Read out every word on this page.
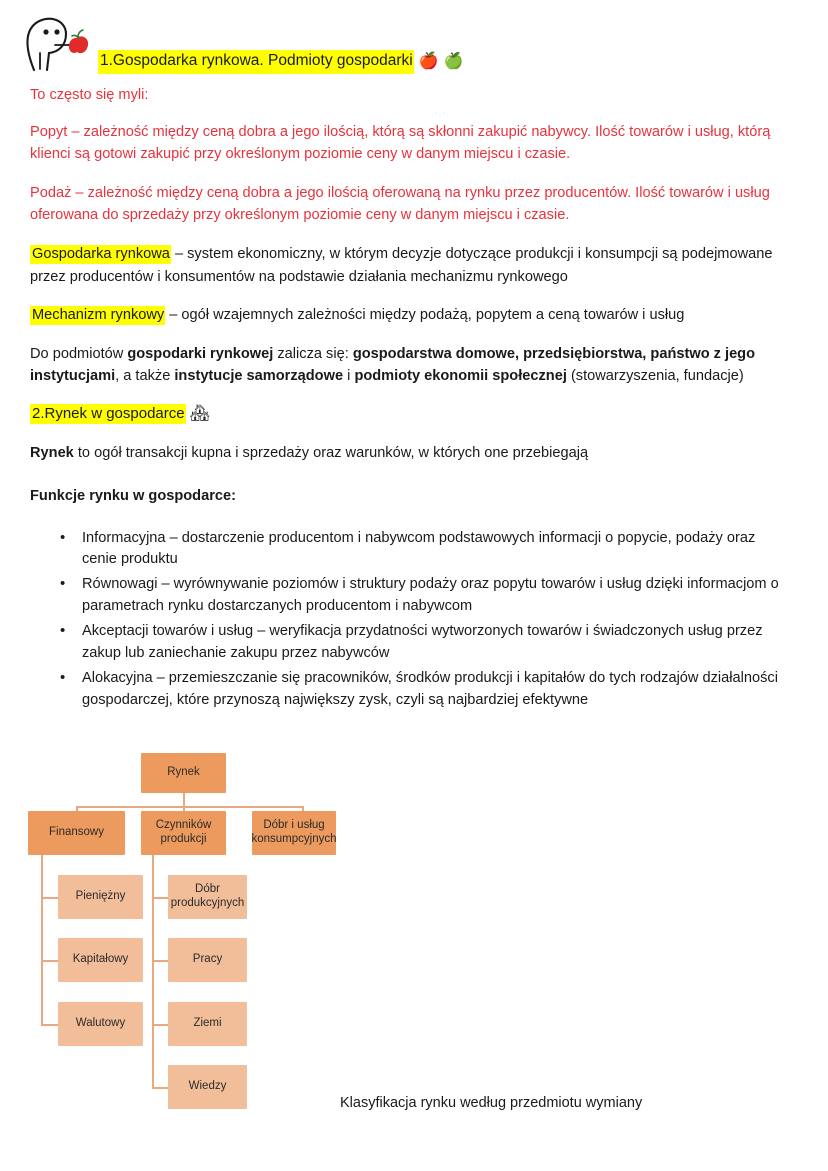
1.Gospodarka rynkowa. Podmioty gospodarki 🍎 🍏

To często się myli:

Popyt – zależność między ceną dobra a jego ilością, którą są skłonni zakupić nabywcy. Ilość towarów i usług, którą klienci są gotowi zakupić przy określonym poziomie ceny w danym miejscu i czasie.

Podaż – zależność między ceną dobra a jego ilością oferowaną na rynku przez producentów. Ilość towarów i usług oferowana do sprzedaży przy określonym poziomie ceny w danym miejscu i czasie.

Gospodarka rynkowa – system ekonomiczny, w którym decyzje dotyczące produkcji i konsumpcji są podejmowane przez producentów i konsumentów na podstawie działania mechanizmu rynkowego

Mechanizm rynkowy – ogół wzajemnych zależności między podażą, popytem a ceną towarów i usług

Do podmiotów gospodarki rynkowej zalicza się: gospodarstwa domowe, przedsiębiorstwa, państwo z jego instytucjami, a także instytucje samorządowe i podmioty ekonomii społecznej (stowarzyszenia, fundacje)

2.Rynek w gospodarce 🏘

Rynek to ogół transakcji kupna i sprzedaży oraz warunków, w których one przebiegają

Funkcje rynku w gospodarce:

• Informacyjna – dostarczenie producentom i nabywcom podstawowych informacji o popycie, podaży oraz cenie produktu
• Równowagi – wyrównywanie poziomów i struktury podaży oraz popytu towarów i usług dzięki informacjom o parametrach rynku dostarczanych producentom i nabywcom
• Akceptacji towarów i usług – weryfikacja przydatności wytworzonych towarów i świadczonych usług przez zakup lub zaniechanie zakupu przez nabywców
• Alokacyjna – przemieszczanie się pracowników, środków produkcji i kapitałów do tych rodzajów działalności gospodarczej, które przynoszą największy zysk, czyli są najbardziej efektywne
Rynek
Finansowy
Czynników produkcji
Dóbr i usług konsumpcyjnych
Pieniężny
Kapitałowy
Walutowy
Dóbr produkcyjnych
Pracy
Ziemi
Wiedzy
Klasyfikacja rynku według przedmiotu wymiany
